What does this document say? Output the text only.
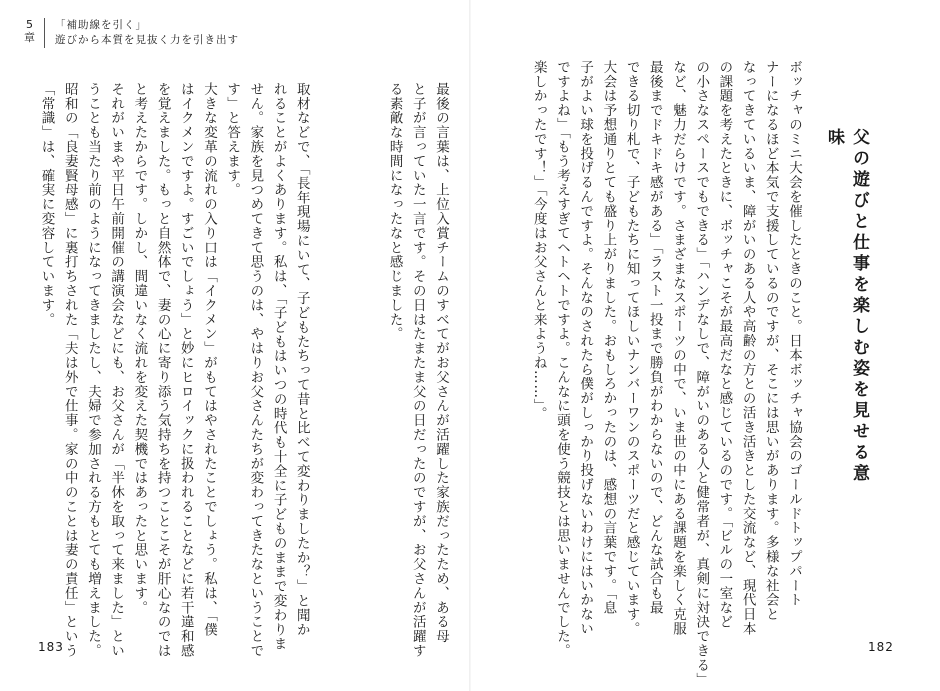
5
章
「補助線を引く」
遊びから本質を見抜く力を引き出す
父の遊びと仕事を楽しむ姿を見せる意味
ボッチャのミニ大会を催したときのこと。日本ボッチャ協会のゴールドトップパート
ナーになるほど本気で支援しているのですが、そこには思いがあります。多様な社会と
なってきているいま、障がいのある人や高齢の方との活き活きとした交流など、現代日本
の課題を考えたときに、ボッチャこそが最高だなと感じているのです。「ビルの一室など
の小さなスペースでもできる」「ハンデなしで、障がいのある人と健常者が、真剣に対決できる」
など、魅力だらけです。さまざまなスポーツの中で、いま世の中にある課題を楽しく克服
最後までドキドキ感がある」「ラスト一投まで勝負がわからないので、どんな試合も最
できる切り札で、子どもたちに知ってほしいナンバーワンのスポーツだと感じています。
大会は予想通りとても盛り上がりました。おもしろかったのは、感想の言葉です。「息
子がよい球を投げるんですよ。そんなのされたら僕がしっかり投げないわけにはいかない
ですよね」「もう考えすぎてヘトヘトですよ。こんなに頭を使う競技とは思いませんでした。
楽しかったです！」「今度はお父さんと来ようね……」。
最後の言葉は、上位入賞チームのすべてがお父さんが活躍した家族だったため、ある母
と子が言っていた一言です。その日はたまたま父の日だったのですが、お父さんが活躍す
る素敵な時間になったなと感じました。

取材などで、「長年現場にいて、子どもたちって昔と比べて変わりましたか？」と聞か
れることがよくあります。私は、「子どもはいつの時代も十全に子どものままで変わりま
せん。家族を見つめてきて思うのは、やはりお父さんたちが変わってきたなということで
す」と答えます。
大きな変革の流れの入り口は「イクメン」がもてはやされたことでしょう。私は、「僕
はイクメンですよ。すごいでしょう」と妙にヒロイックに扱われることなどに若干違和感
を覚えました。もっと自然体で、妻の心に寄り添う気持ちを持つことこそが肝心なのでは
と考えたからです。しかし、間違いなく流れを変えた契機ではあったと思います。
それがいまや平日午前開催の講演会などにも、お父さんが「半休を取って来ました」とい
うことも当たり前のようになってきましたし、夫婦で参加される方もとても増えました。
昭和の「良妻賢母感」に裏打ちされた「夫は外で仕事。家の中のことは妻の責任」という
「常識」は、確実に変容しています。
183	182
